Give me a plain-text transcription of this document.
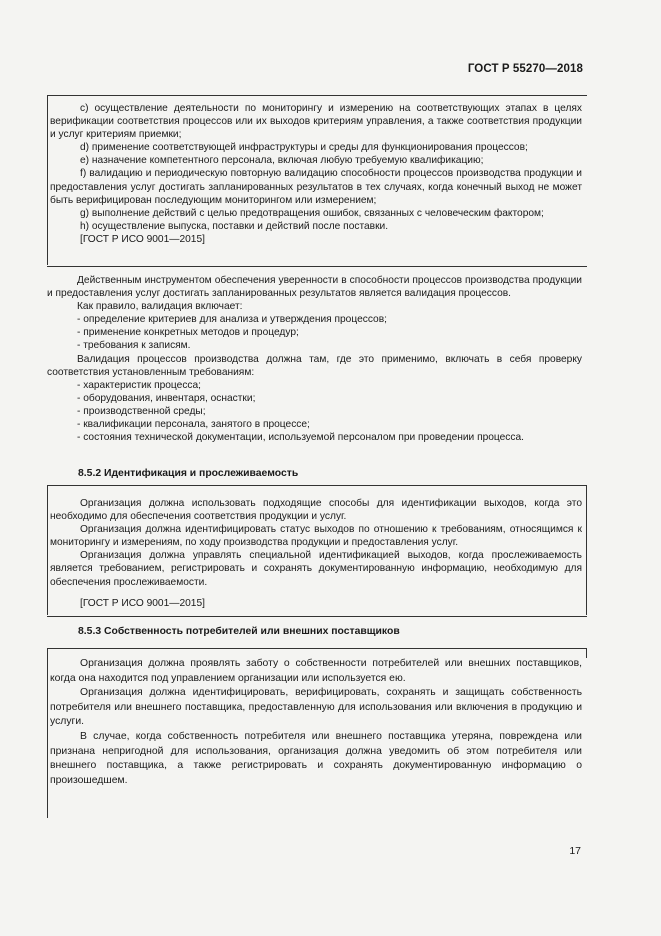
ГОСТ Р 55270—2018

с) осуществление деятельности по мониторингу и измерению на соответствующих этапах в целях верификации соответствия процессов или их выходов критериям управления, а также соответствия продукции и услуг критериям приемки;

d) применение соответствующей инфраструктуры и среды для функционирования процессов;

е) назначение компетентного персонала, включая любую требуемую квалификацию;

f) валидацию и периодическую повторную валидацию способности процессов производства продукции и предоставления услуг достигать запланированных результатов в тех случаях, когда конечный выход не может быть верифицирован последующим мониторингом или измерением;

g) выполнение действий с целью предотвращения ошибок, связанных с человеческим фактором;

h) осуществление выпуска, поставки и действий после поставки.

[ГОСТ Р ИСО 9001—2015]

Действенным инструментом обеспечения уверенности в способности процессов производства продукции и предоставления услуг достигать запланированных результатов является валидация процессов.

Как правило, валидация включает:

- определение критериев для анализа и утверждения процессов;

- применение конкретных методов и процедур;

- требования к записям.

Валидация процессов производства должна там, где это применимо, включать в себя проверку соответствия установленным требованиям:

- характеристик процесса;

- оборудования, инвентаря, оснастки;

- производственной среды;

- квалификации персонала, занятого в процессе;

- состояния технической документации, используемой персоналом при проведении процесса.

8.5.2 Идентификация и прослеживаемость

Организация должна использовать подходящие способы для идентификации выходов, когда это необходимо для обеспечения соответствия продукции и услуг.

Организация должна идентифицировать статус выходов по отношению к требованиям, относящимся к мониторингу и измерениям, по ходу производства продукции и предоставления услуг.

Организация должна управлять специальной идентификацией выходов, когда прослеживаемость является требованием, регистрировать и сохранять документированную информацию, необходимую для обеспечения прослеживаемости.

[ГОСТ Р ИСО 9001—2015]

8.5.3 Собственность потребителей или внешних поставщиков

Организация должна проявлять заботу о собственности потребителей или внешних поставщиков, когда она находится под управлением организации или используется ею.

Организация должна идентифицировать, верифицировать, сохранять и защищать собственность потребителя или внешнего поставщика, предоставленную для использования или включения в продукцию и услуги.

В случае, когда собственность потребителя или внешнего поставщика утеряна, повреждена или признана непригодной для использования, организация должна уведомить об этом потребителя или внешнего поставщика, а также регистрировать и сохранять документированную информацию о произошедшем.

17
